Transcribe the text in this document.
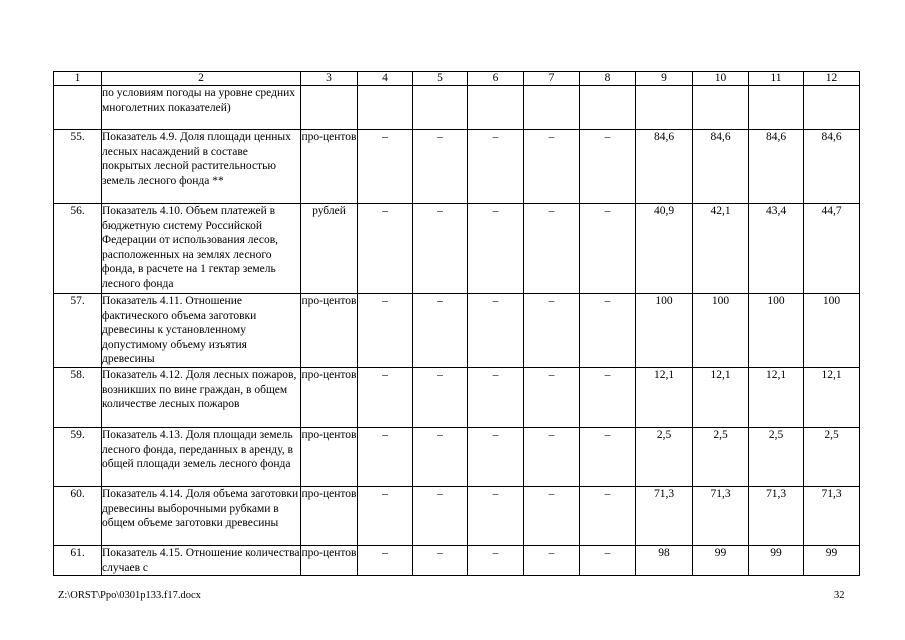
1	2	3	4	5	6	7	8	9	10	11	12
	по условиям погоды на уровне средних многолетних показателей)										
55.	Показатель 4.9. Доля площади ценных лесных насаждений в составе покрытых лесной растительностью земель лесного фонда **	про-центов	–	–	–	–	–	84,6	84,6	84,6	84,6
56.	Показатель 4.10. Объем платежей в бюджетную систему Российской Федерации от использования лесов, расположенных на землях лесного фонда, в расчете на 1 гектар земель лесного фонда	рублей	–	–	–	–	–	40,9	42,1	43,4	44,7
57.	Показатель 4.11. Отношение фактического объема заготовки древесины к установленному допустимому объему изъятия древесины	про-центов	–	–	–	–	–	100	100	100	100
58.	Показатель 4.12. Доля лесных пожаров, возникших по вине граждан, в общем количестве лесных пожаров	про-центов	–	–	–	–	–	12,1	12,1	12,1	12,1
59.	Показатель 4.13. Доля площади земель лесного фонда, переданных в аренду, в общей площади земель лесного фонда	про-центов	–	–	–	–	–	2,5	2,5	2,5	2,5
60.	Показатель 4.14. Доля объема заготовки древесины выборочными рубками в общем объеме заготовки древесины	про-центов	–	–	–	–	–	71,3	71,3	71,3	71,3
61.	Показатель 4.15. Отношение количества случаев с	про-центов	–	–	–	–	–	98	99	99	99
Z:\ORST\Ppo\0301p133.f17.docx	32
